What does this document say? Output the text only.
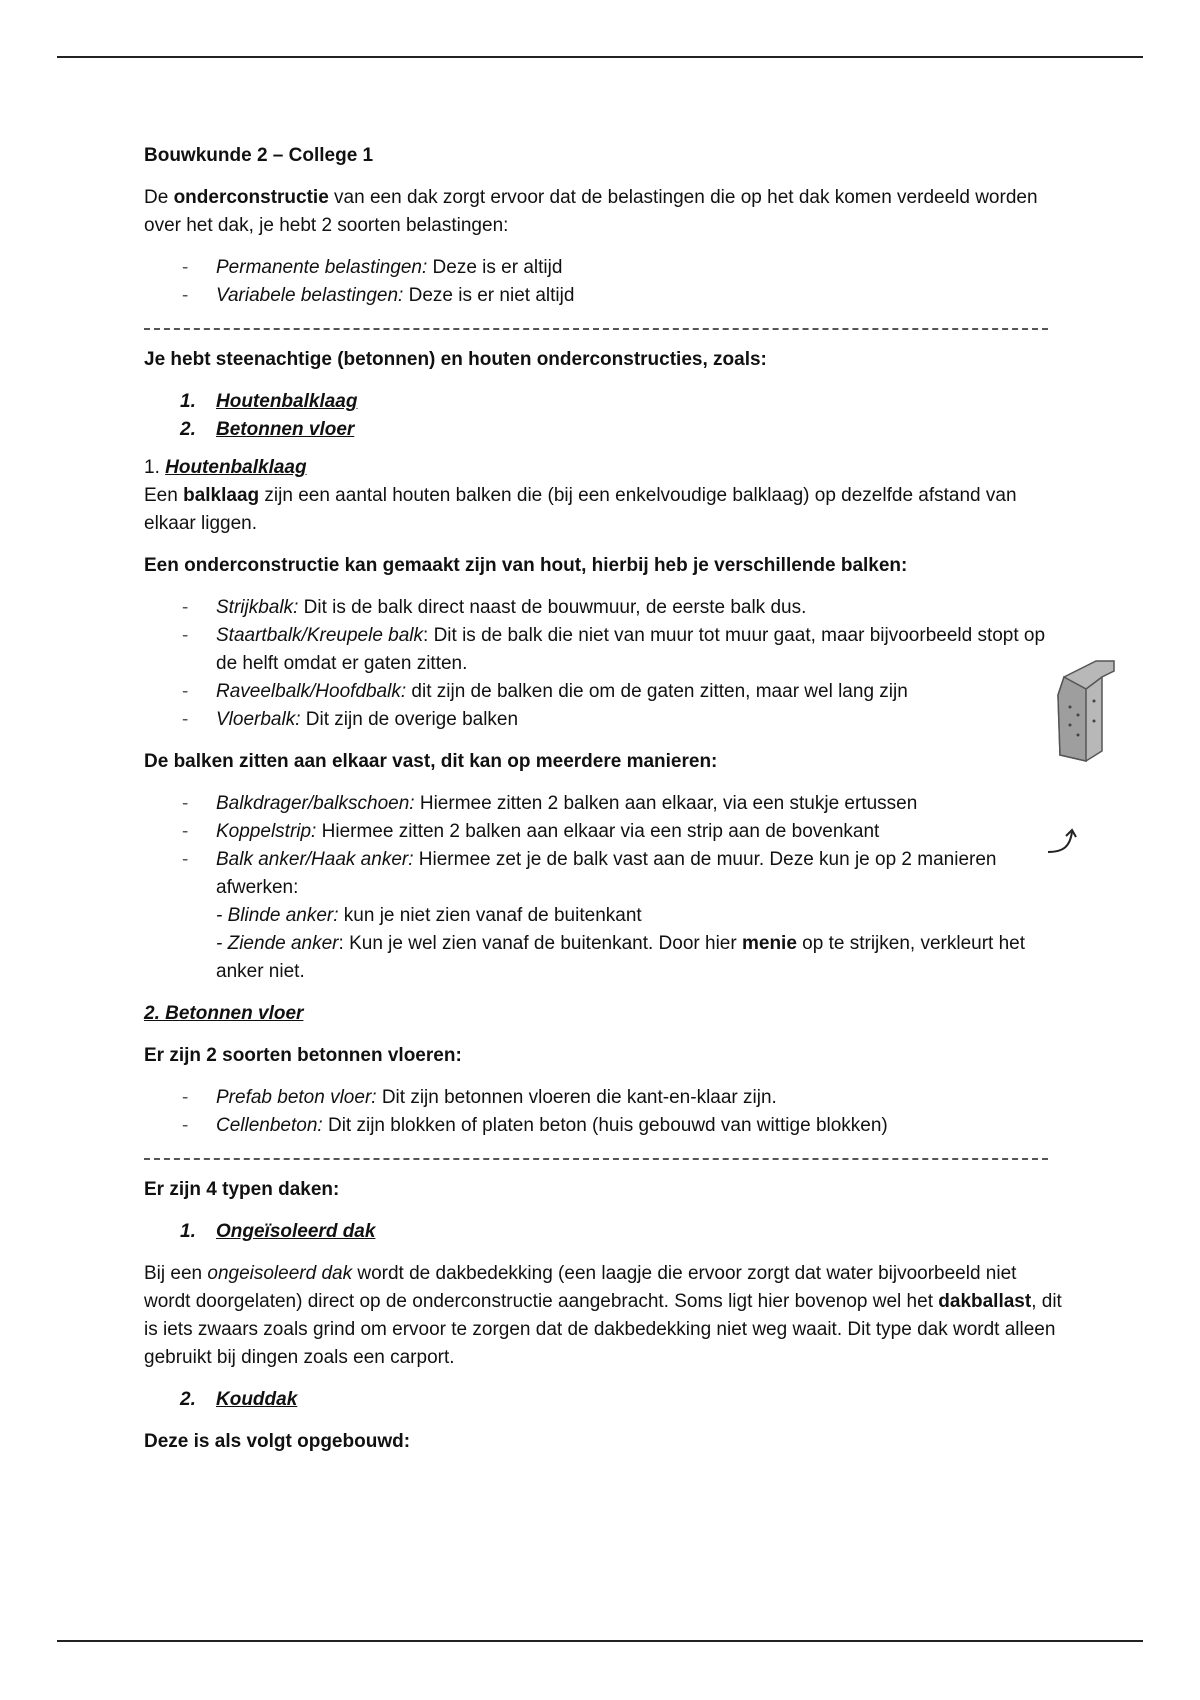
Bouwkunde 2 – College 1

De onderconstructie van een dak zorgt ervoor dat de belastingen die op het dak komen verdeeld worden over het dak, je hebt 2 soorten belastingen:

- Permanente belastingen: Deze is er altijd
- Variabele belastingen: Deze is er niet altijd

Je hebt steenachtige (betonnen) en houten onderconstructies, zoals:

1. Houtenbalklaag
2. Betonnen vloer

1. Houtenbalklaag

Een balklaag zijn een aantal houten balken die (bij een enkelvoudige balklaag) op dezelfde afstand van elkaar liggen.

Een onderconstructie kan gemaakt zijn van hout, hierbij heb je verschillende balken:

- Strijkbalk: Dit is de balk direct naast de bouwmuur, de eerste balk dus.
- Staartbalk/Kreupele balk: Dit is de balk die niet van muur tot muur gaat, maar bijvoorbeeld stopt op de helft omdat er gaten zitten.
- Raveelbalk/Hoofdbalk: dit zijn de balken die om de gaten zitten, maar wel lang zijn
- Vloerbalk: Dit zijn de overige balken

De balken zitten aan elkaar vast, dit kan op meerdere manieren:

- Balkdrager/balkschoen: Hiermee zitten 2 balken aan elkaar, via een stukje ertussen
- Koppelstrip: Hiermee zitten 2 balken aan elkaar via een strip aan de bovenkant
- Balk anker/Haak anker: Hiermee zet je de balk vast aan de muur. Deze kun je op 2 manieren afwerken:
- Blinde anker: kun je niet zien vanaf de buitenkant
- Ziende anker: Kun je wel zien vanaf de buitenkant. Door hier menie op te strijken, verkleurt het anker niet.

2. Betonnen vloer

Er zijn 2 soorten betonnen vloeren:

- Prefab beton vloer: Dit zijn betonnen vloeren die kant-en-klaar zijn.
- Cellenbeton: Dit zijn blokken of platen beton (huis gebouwd van wittige blokken)

Er zijn 4 typen daken:

1. Ongeïsoleerd dak

Bij een ongeisoleerd dak wordt de dakbedekking (een laagje die ervoor zorgt dat water bijvoorbeeld niet wordt doorgelaten) direct op de onderconstructie aangebracht. Soms ligt hier bovenop wel het dakballast, dit is iets zwaars zoals grind om ervoor te zorgen dat de dakbedekking niet weg waait. Dit type dak wordt alleen gebruikt bij dingen zoals een carport.

2. Kouddak

Deze is als volgt opgebouwd:
